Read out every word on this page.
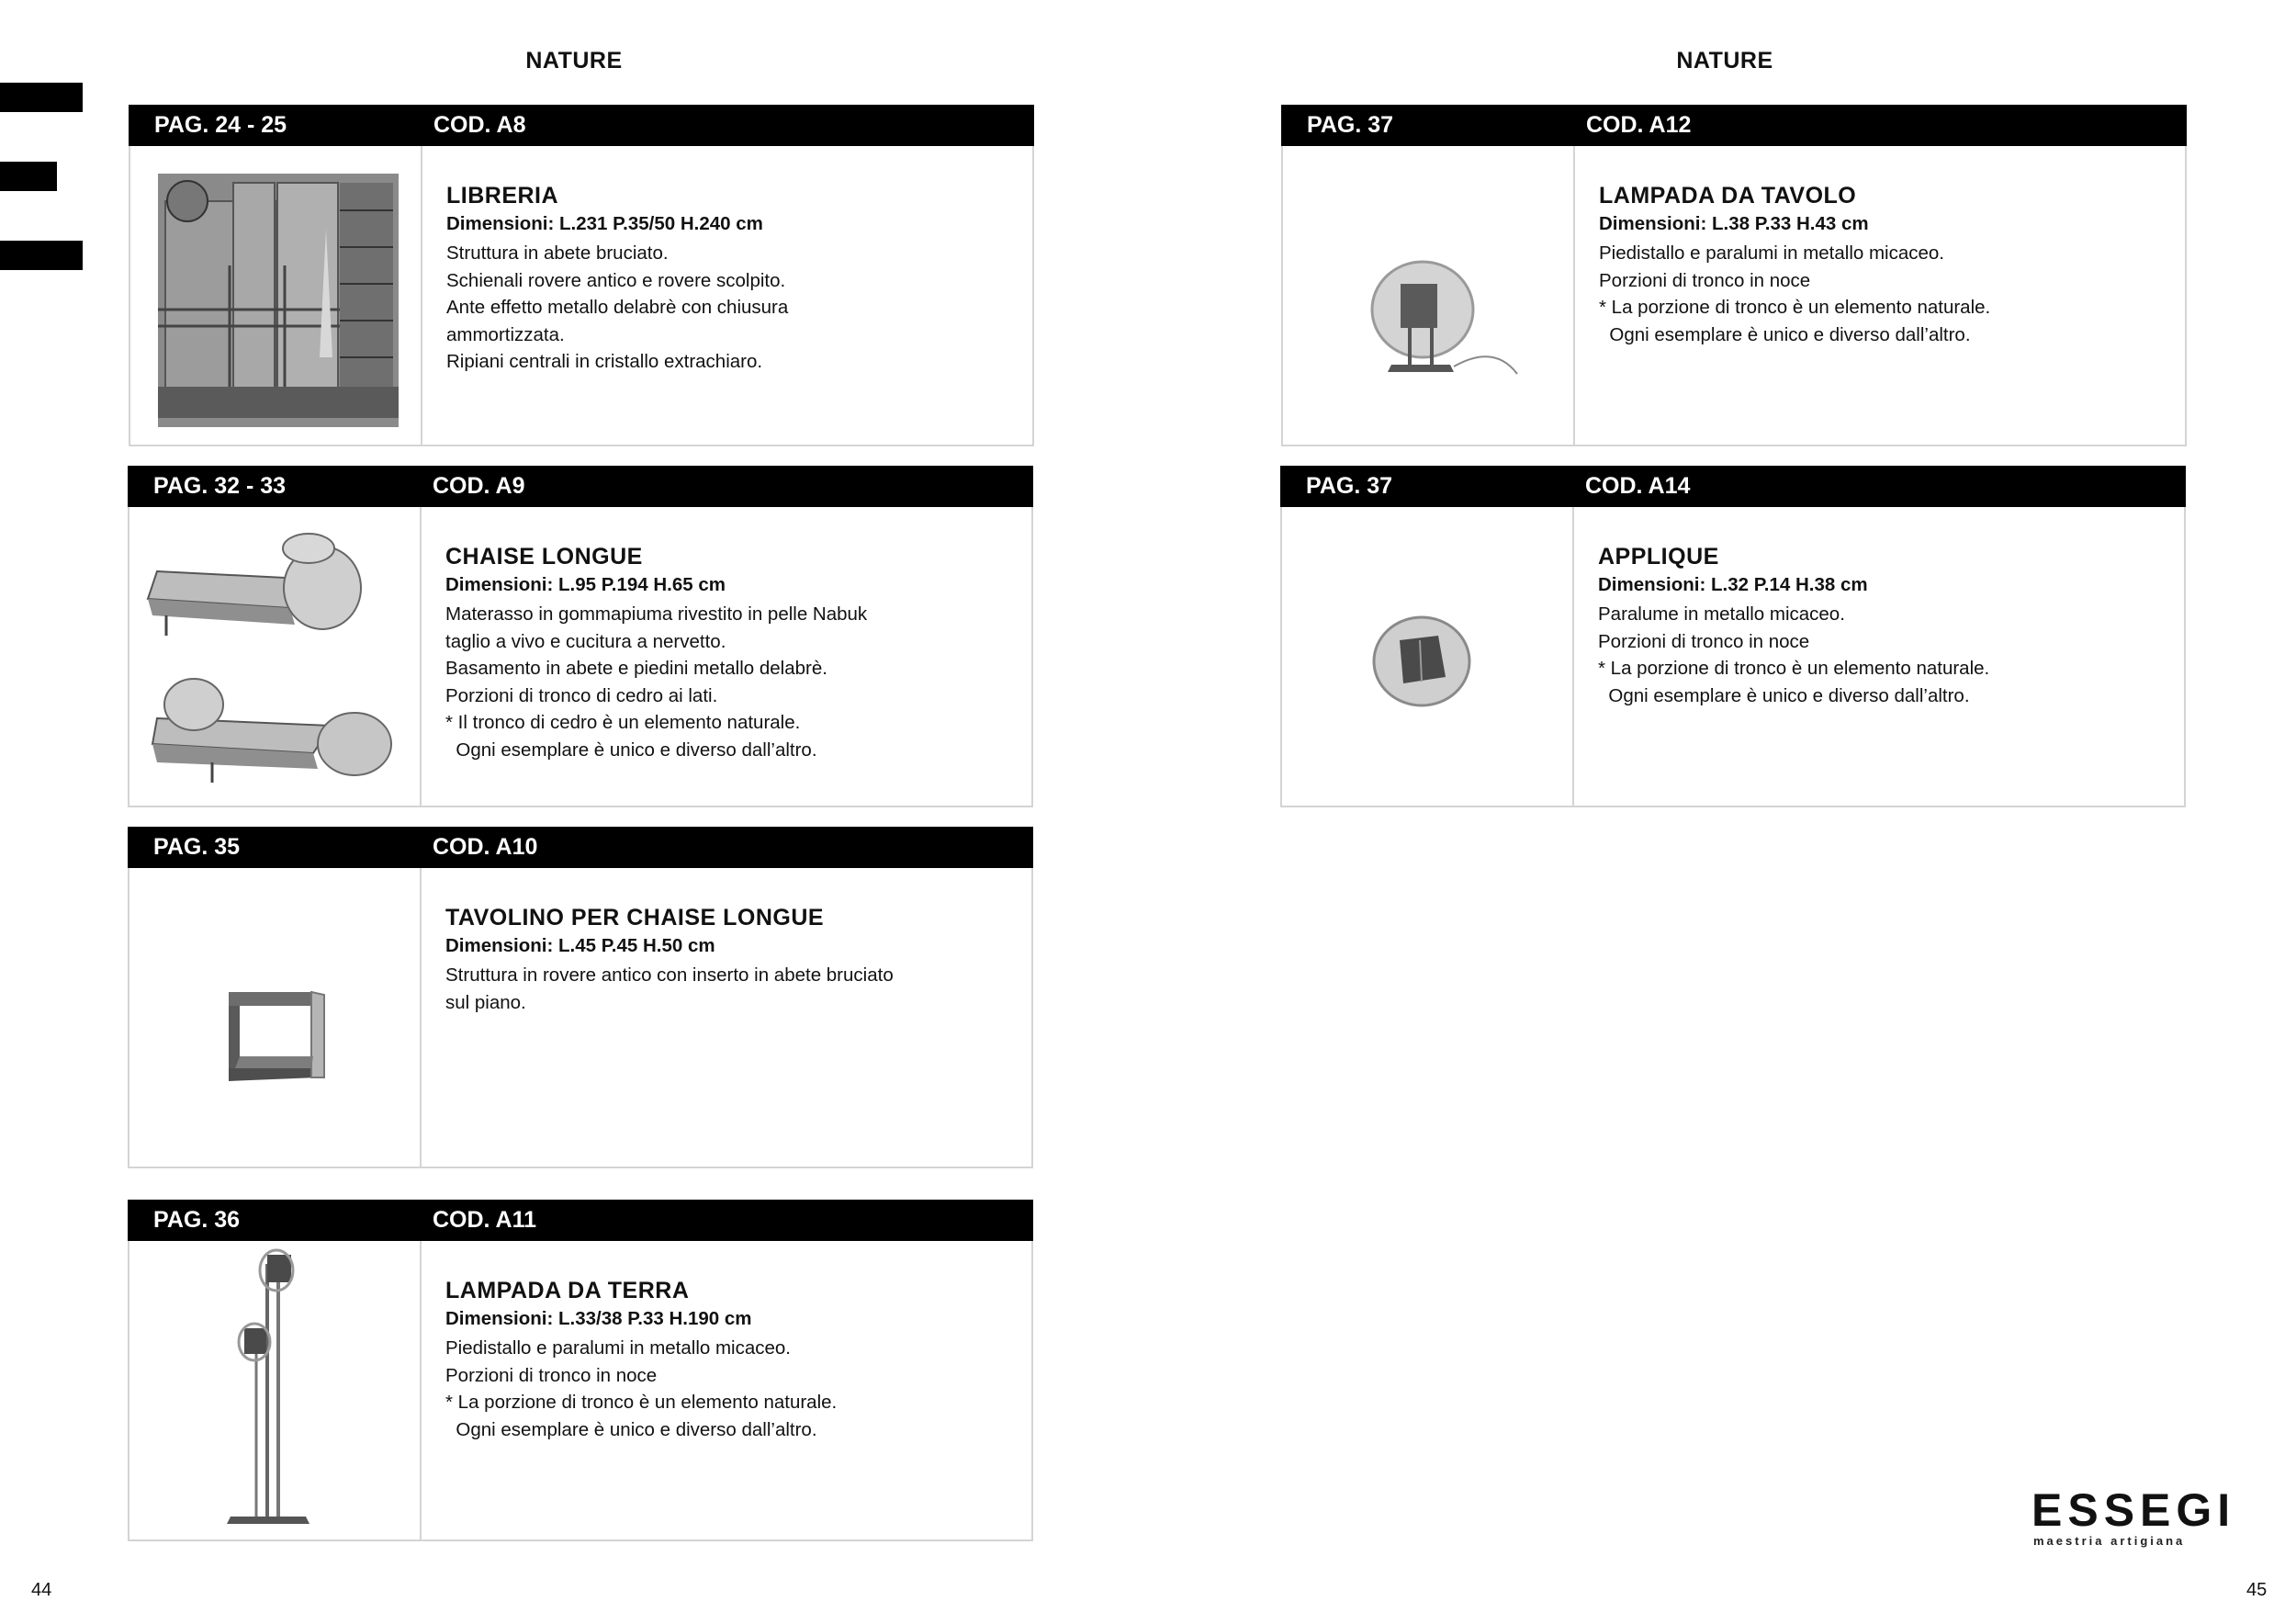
NATURE	NATURE
PAG. 24 - 25	COD. A8
LIBRERIA
Dimensioni: L.231 P.35/50 H.240 cm
Struttura in abete bruciato.
Schienali rovere antico e rovere scolpito.
Ante effetto metallo delabrè con chiusura
ammortizzata.
Ripiani centrali in cristallo extrachiaro.
PAG. 32 - 33	COD. A9
CHAISE LONGUE
Dimensioni: L.95 P.194 H.65 cm
Materasso in gommapiuma rivestito in pelle Nabuk
taglio a vivo e cucitura a nervetto.
Basamento in abete e piedini metallo delabrè.
Porzioni di tronco di cedro ai lati.
* Il tronco di cedro è un elemento naturale.
Ogni esemplare è unico e diverso dall’altro.
PAG. 35	COD. A10
TAVOLINO PER CHAISE LONGUE
Dimensioni: L.45 P.45 H.50 cm
Struttura in rovere antico con inserto in abete bruciato
sul piano.
PAG. 36	COD. A11
LAMPADA DA TERRA
Dimensioni: L.33/38 P.33 H.190 cm
Piedistallo e paralumi in metallo micaceo.
Porzioni di tronco in noce
* La porzione di tronco è un elemento naturale.
Ogni esemplare è unico e diverso dall’altro.
PAG. 37	COD. A12
LAMPADA DA TAVOLO
Dimensioni: L.38 P.33 H.43 cm
Piedistallo e paralumi in metallo micaceo.
Porzioni di tronco in noce
* La porzione di tronco è un elemento naturale.
Ogni esemplare è unico e diverso dall’altro.
PAG. 37	COD. A14
APPLIQUE
Dimensioni: L.32 P.14 H.38 cm
Paralume in metallo micaceo.
Porzioni di tronco in noce
* La porzione di tronco è un elemento naturale.
Ogni esemplare è unico e diverso dall’altro.
ESSEGI
maestria artigiana
44	45
